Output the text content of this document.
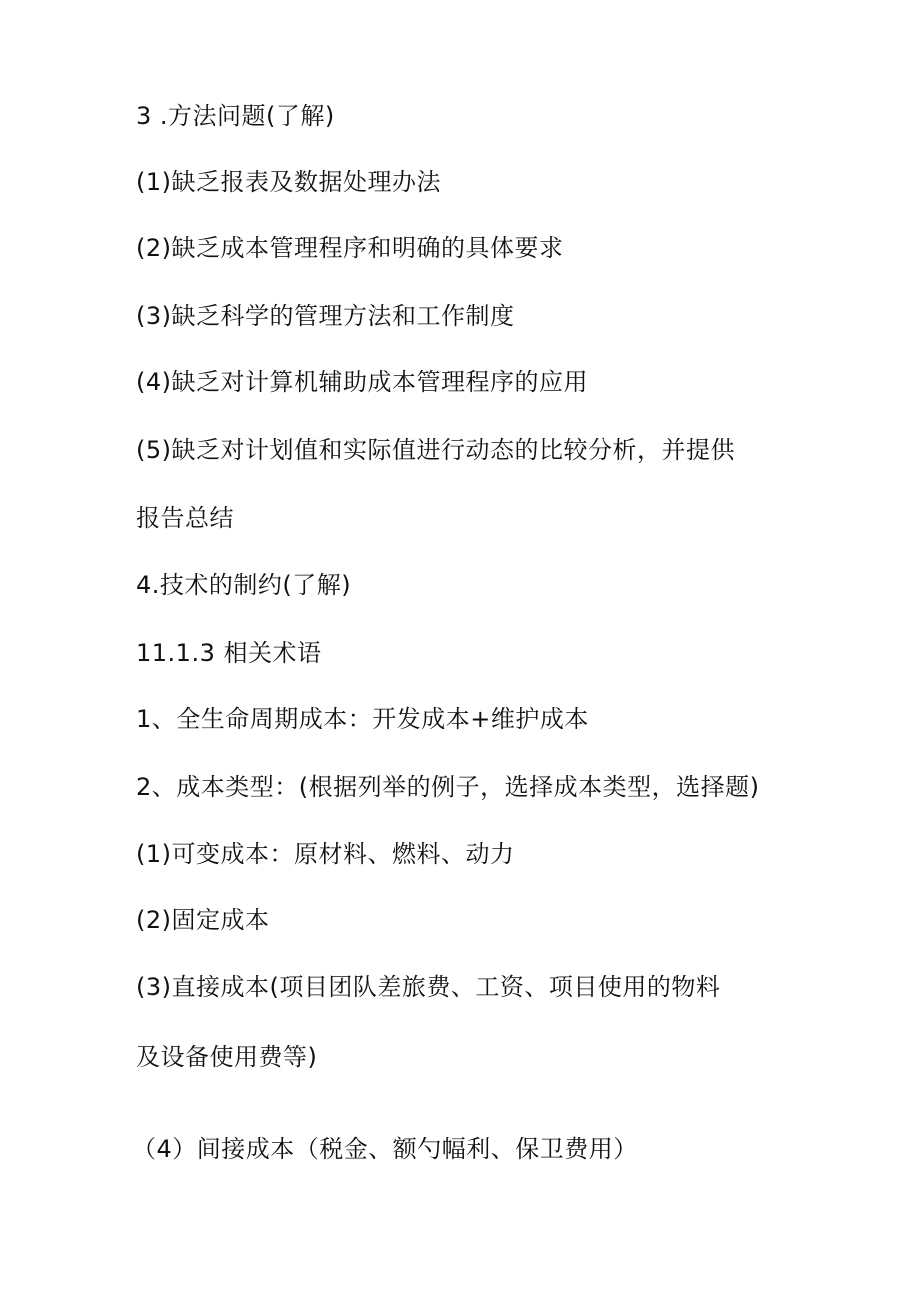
3 .方法问题(了解)
(1)缺乏报表及数据处理办法
(2)缺乏成本管理程序和明确的具体要求
(3)缺乏科学的管理方法和工作制度
(4)缺乏对计算机辅助成本管理程序的应用
(5)缺乏对计划值和实际值进行动态的比较分析，并提供
报告总结
4.技术的制约(了解)
11.1.3 相关术语
1、全生命周期成本：开发成本+维护成本
2、成本类型：(根据列举的例子，选择成本类型，选择题)
(1)可变成本：原材料、燃料、动力
(2)固定成本
(3)直接成本(项目团队差旅费、工资、项目使用的物料
及设备使用费等)
（4）间接成本（税金、额勺幅利、保卫费用）
